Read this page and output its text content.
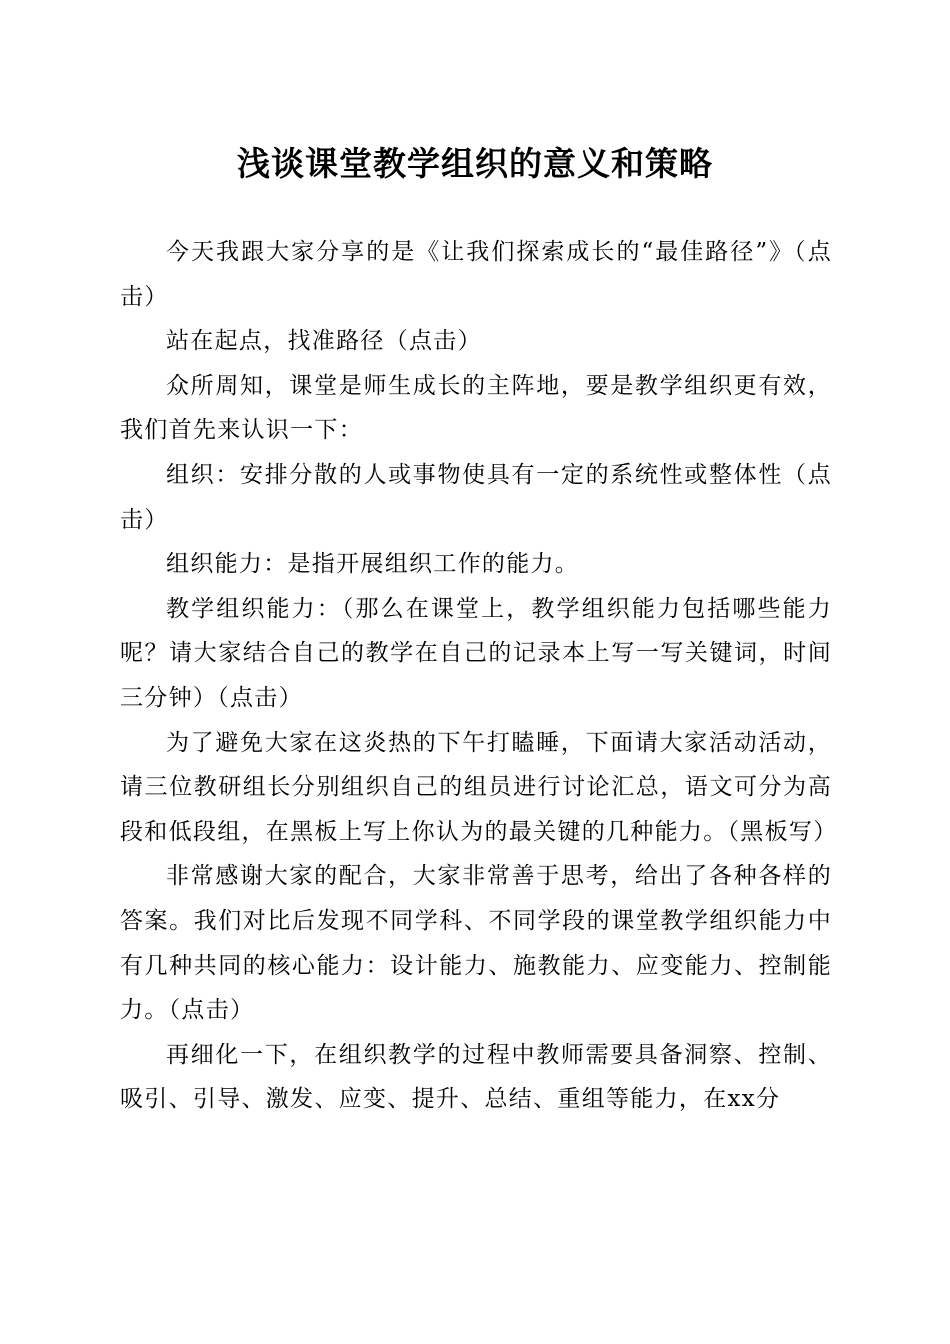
浅谈课堂教学组织的意义和策略

今天我跟大家分享的是《让我们探索成长的“最佳路径”》（点击）

站在起点，找准路径（点击）

众所周知，课堂是师生成长的主阵地，要是教学组织更有效，我们首先来认识一下：

组织：安排分散的人或事物使具有一定的系统性或整体性（点击）

组织能力：是指开展组织工作的能力。

教学组织能力：（那么在课堂上，教学组织能力包括哪些能力呢？请大家结合自己的教学在自己的记录本上写一写关键词，时间三分钟）（点击）

为了避免大家在这炎热的下午打瞌睡，下面请大家活动活动，请三位教研组长分别组织自己的组员进行讨论汇总，语文可分为高段和低段组，在黑板上写上你认为的最关键的几种能力。（黑板写）

非常感谢大家的配合，大家非常善于思考，给出了各种各样的答案。我们对比后发现不同学科、不同学段的课堂教学组织能力中有几种共同的核心能力：设计能力、施教能力、应变能力、控制能力。（点击）

再细化一下，在组织教学的过程中教师需要具备洞察、控制、吸引、引导、激发、应变、提升、总结、重组等能力，在xx分
